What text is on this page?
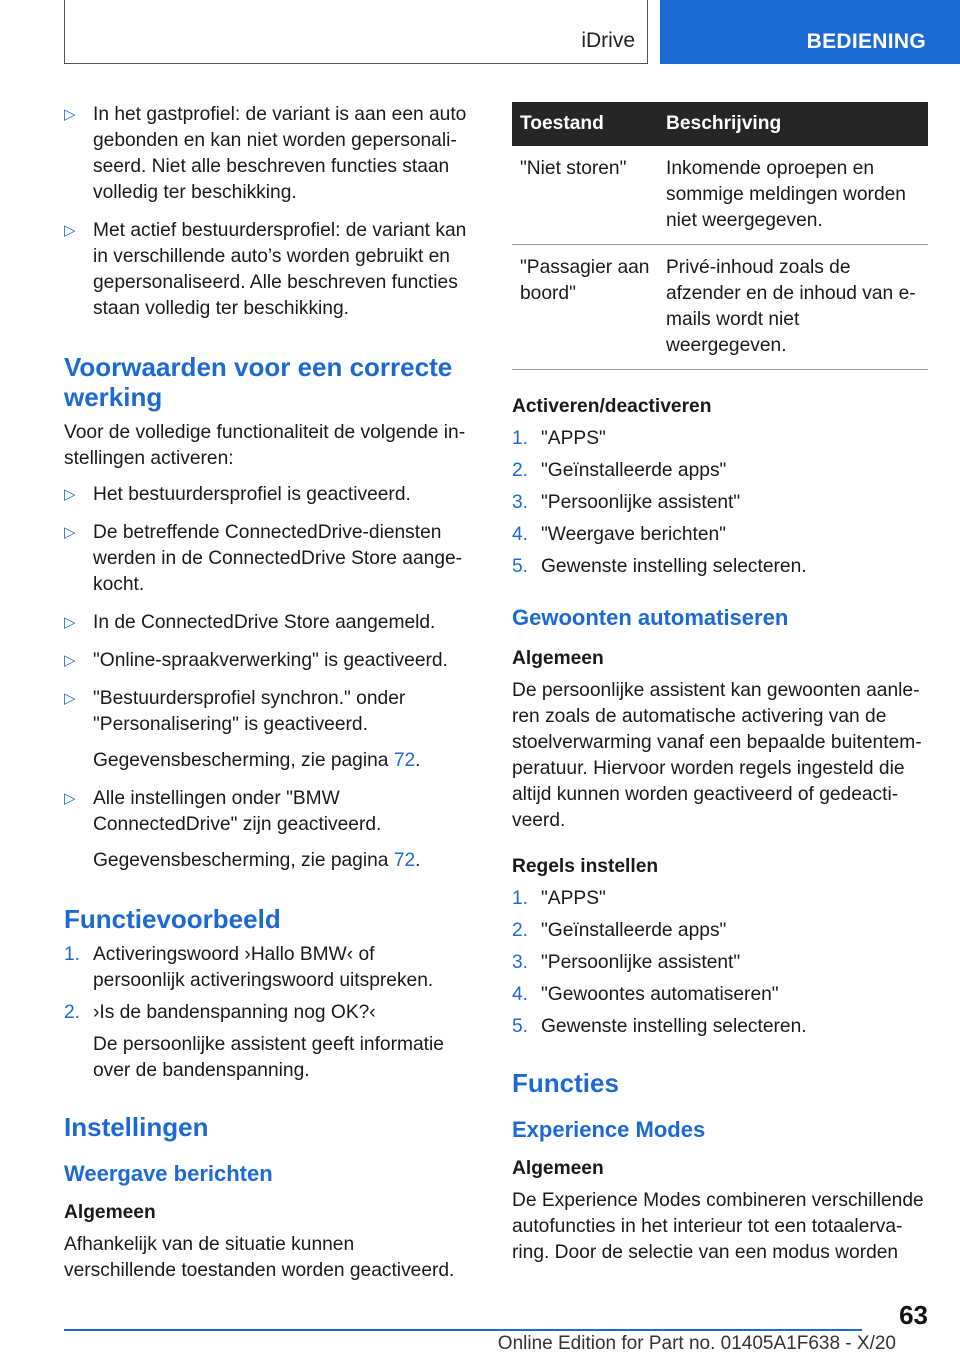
iDrive	BEDIENING
▷ In het gastprofiel: de variant is aan een auto gebonden en kan niet worden gepersonaliseerd. Niet alle beschreven functies staan volledig ter beschikking.

▷ Met actief bestuurdersprofiel: de variant kan in verschillende auto’s worden gebruikt en gepersonaliseerd. Alle beschreven functies staan volledig ter beschikking.

Voorwaarden voor een correcte werking

Voor de volledige functionaliteit de volgende instellingen activeren:

▷ Het bestuurdersprofiel is geactiveerd.

▷ De betreffende ConnectedDrive-diensten werden in de ConnectedDrive Store aangekocht.

▷ In de ConnectedDrive Store aangemeld.

▷ "Online-spraakverwerking" is geactiveerd.

▷ "Bestuurdersprofiel synchron." onder "Personalisering" is geactiveerd.

Gegevensbescherming, zie pagina 72.
▷ Alle instellingen onder "BMW ConnectedDrive" zijn geactiveerd.

Gegevensbescherming, zie pagina 72.
Functievoorbeeld
1. Activeringswoord ›Hallo BMW‹ of persoonlijk activeringswoord uitspreken.

2. ›Is de bandenspanning nog OK?‹

De persoonlijke assistent geeft informatie over de bandenspanning.
Instellingen
Weergave berichten
Algemeen

Afhankelijk van de situatie kunnen verschillende toestanden worden geactiveerd.

Toestand	Beschrijving
"Niet storen"	Inkomende oproepen en sommige meldingen worden niet weergegeven.
"Passagier aan boord"	Privé-inhoud zoals de afzender en de inhoud van e-mails wordt niet weergegeven.
Activeren/deactiveren
1. "APPS"

2. "Geïnstalleerde apps"

3. "Persoonlijke assistent"

4. "Weergave berichten"

5. Gewenste instelling selecteren.

Gewoonten automatiseren
Algemeen

De persoonlijke assistent kan gewoonten aanleren zoals de automatische activering van de stoelverwarming vanaf een bepaalde buitentemperatuur. Hiervoor worden regels ingesteld die altijd kunnen worden geactiveerd of gedeactiveerd.

Regels instellen
1. "APPS"

2. "Geïnstalleerde apps"

3. "Persoonlijke assistent"

4. "Gewoontes automatiseren"

5. Gewenste instelling selecteren.

Functies
Experience Modes
Algemeen

De Experience Modes combineren verschillende autofuncties in het interieur tot een totaalervaring. Door de selectie van een modus worden

63
Online Edition for Part no. 01405A1F638 - X/20
